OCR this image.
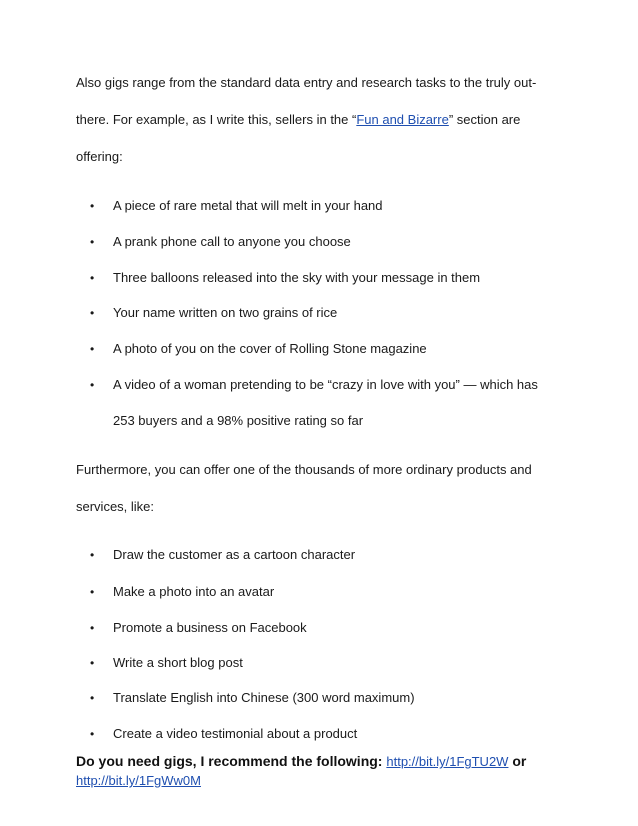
Also gigs range from the standard data entry and research tasks to the truly out-
there. For example, as I write this, sellers in the “Fun and Bizarre” section are
offering:
•	A piece of rare metal that will melt in your hand
•	A prank phone call to anyone you choose
•	Three balloons released into the sky with your message in them
•	Your name written on two grains of rice
•	A photo of you on the cover of Rolling Stone magazine
•	A video of a woman pretending to be “crazy in love with you” — which has
253 buyers and a 98% positive rating so far
Furthermore, you can offer one of the thousands of more ordinary products and
services, like:
•	Draw the customer as a cartoon character
•	Make a photo into an avatar
•	Promote a business on Facebook
•	Write a short blog post
•	Translate English into Chinese (300 word maximum)
•	Create a video testimonial about a product
Do you need gigs, I recommend the following: http://bit.ly/1FgTU2W or
http://bit.ly/1FgWw0M
